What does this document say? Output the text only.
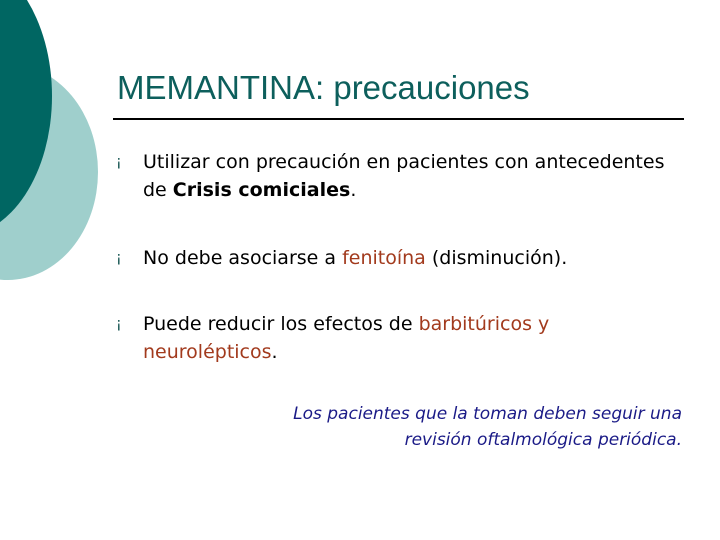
MEMANTINA: precauciones
¡ Utilizar con precaución en pacientes con antecedentes de Crisis comiciales.

¡ No debe asociarse a fenitoína (disminución).

¡ Puede reducir los efectos de barbitúricos y neurolépticos.

Los pacientes que la toman deben seguir una
revisión oftalmológica periódica.
